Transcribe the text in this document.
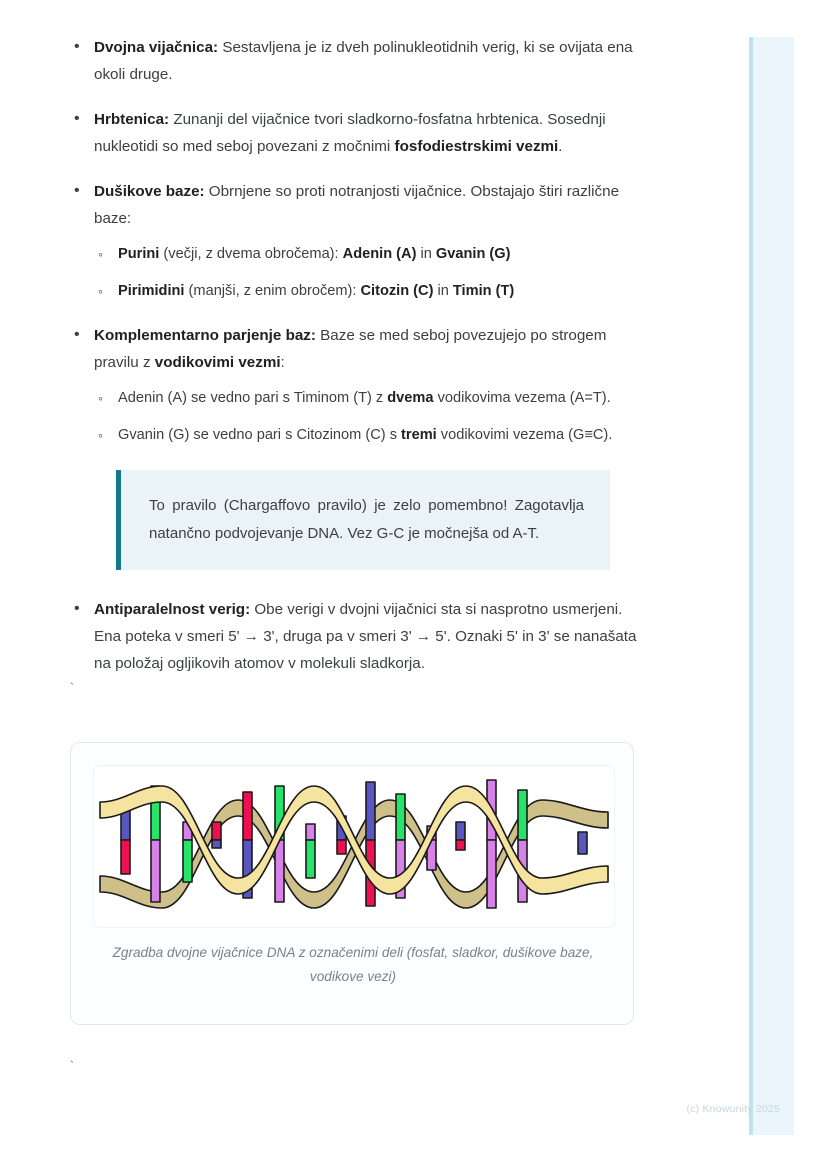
(c) Knowunity 2025
• Dvojna vijačnica: Sestavljena je iz dveh polinukleotidnih verig, ki se ovijata ena okoli druge.
• Hrbtenica: Zunanji del vijačnice tvori sladkorno-fosfatna hrbtenica. Sosednji nukleotidi so med seboj povezani z močnimi fosfodiestrskimi vezmi.
• Dušikove baze: Obrnjene so proti notranjosti vijačnice. Obstajajo štiri različne baze:
◦ Purini (večji, z dvema obročema): Adenin (A) in Gvanin (G)
◦ Pirimidini (manjši, z enim obročem): Citozin (C) in Timin (T)
• Komplementarno parjenje baz: Baze se med seboj povezujejo po strogem pravilu z vodikovimi vezmi:
◦ Adenin (A) se vedno pari s Timinom (T) z dvema vodikovima vezema (A=T).
◦ Gvanin (G) se vedno pari s Citozinom (C) s tremi vodikovimi vezema (G≡C).

To pravilo (Chargaffovo pravilo) je zelo pomembno! Zagotavlja natančno podvojevanje DNA. Vez G-C je močnejša od A-T.

• Antiparalelnost verig: Obe verigi v dvojni vijačnici sta si nasprotno usmerjeni. Ena poteka v smeri 5' → 3', druga pa v smeri 3' → 5'. Oznaki 5' in 3' se nanašata na položaj ogljikovih atomov v molekuli sladkorja.
`
`
Zgradba dvojne vijačnice DNA z označenimi deli (fosfat, sladkor, dušikove baze, vodikove vezi)
